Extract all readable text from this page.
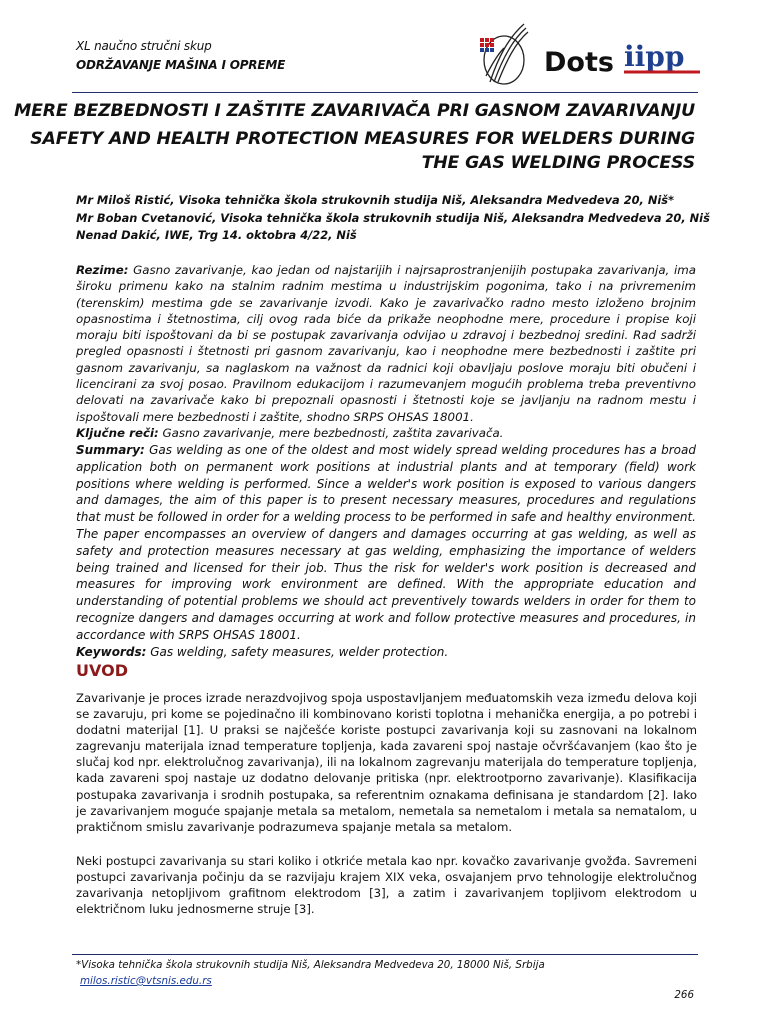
XL naučno stručni skup
ODRŽAVANJE MAŠINA I OPREME	Dots iipp
MERE BEZBEDNOSTI I ZAŠTITE ZAVARIVAČA PRI GASNOM ZAVARIVANJU
SAFETY AND HEALTH PROTECTION MEASURES FOR WELDERS DURING
THE GAS WELDING PROCESS
Mr Miloš Ristić, Visoka tehnička škola strukovnih studija Niš, Aleksandra Medvedeva 20, Niš*
Mr Boban Cvetanović, Visoka tehnička škola strukovnih studija Niš, Aleksandra Medvedeva 20, Niš
Nenad Dakić, IWE, Trg 14. oktobra 4/22, Niš

Rezime: Gasno zavarivanje, kao jedan od najstarijih i najrsaprostranjenijih postupaka zavarivanja, ima široku primenu kako na stalnim radnim mestima u industrijskim pogonima, tako i na privremenim (terenskim) mestima gde se zavarivanje izvodi. Kako je zavarivačko radno mesto izloženo brojnim opasnostima i štetnostima, cilj ovog rada biće da prikaže neophodne mere, procedure i propise koji moraju biti ispoštovani da bi se postupak zavarivanja odvijao u zdravoj i bezbednoj sredini. Rad sadrži pregled opasnosti i štetnosti pri gasnom zavarivanju, kao i neophodne mere bezbednosti i zaštite pri gasnom zavarivanju, sa naglaskom na važnost da radnici koji obavljaju poslove moraju biti obučeni i licencirani za svoj posao. Pravilnom edukacijom i razumevanjem mogućih problema treba preventivno delovati na zavarivače kako bi prepoznali opasnosti i štetnosti koje se javljanju na radnom mestu i ispoštovali mere bezbednosti i zaštite, shodno SRPS OHSAS 18001.

Ključne reči: Gasno zavarivanje, mere bezbednosti, zaštita zavarivača.

Summary: Gas welding as one of the oldest and most widely spread welding procedures has a broad application both on permanent work positions at industrial plants and at temporary (field) work positions where welding is performed. Since a welder's work position is exposed to various dangers and damages, the aim of this paper is to present necessary measures, procedures and regulations that must be followed in order for a welding process to be performed in safe and healthy environment. The paper encompasses an overview of dangers and damages occurring at gas welding, as well as safety and protection measures necessary at gas welding, emphasizing the importance of welders being trained and licensed for their job. Thus the risk for welder's work position is decreased and measures for improving work environment are defined. With the appropriate education and understanding of potential problems we should act preventively towards welders in order for them to recognize dangers and damages occurring at work and follow protective measures and procedures, in accordance with SRPS OHSAS 18001.

Keywords: Gas welding, safety measures, welder protection.

UVOD

Zavarivanje je proces izrade nerazdvojivog spoja uspostavljanjem međuatomskih veza između delova koji se zavaruju, pri kome se pojedinačno ili kombinovano koristi toplotna i mehanička energija, a po potrebi i dodatni materijal [1]. U praksi se najčešće koriste postupci zavarivanja koji su zasnovani na lokalnom zagrevanju materijala iznad temperature topljenja, kada zavareni spoj nastaje očvršćavanjem (kao što je slučaj kod npr. elektrolučnog zavarivanja), ili na lokalnom zagrevanju materijala do temperature topljenja, kada zavareni spoj nastaje uz dodatno delovanje pritiska (npr. elektrootporno zavarivanje). Klasifikacija postupaka zavarivanja i srodnih postupaka, sa referentnim oznakama definisana je standardom [2]. Iako je zavarivanjem moguće spajanje metala sa metalom, nemetala sa nemetalom i metala sa nematalom, u praktičnom smislu zavarivanje podrazumeva spajanje metala sa metalom.

Neki postupci zavarivanja su stari koliko i otkriće metala kao npr. kovačko zavarivanje gvožđa. Savremeni postupci zavarivanja počinju da se razvijaju krajem XIX veka, osvajanjem prvo tehnologije elektrolučnog zavarivanja netopljivom grafitnom elektrodom [3], a zatim i zavarivanjem topljivom elektrodom u električnom luku jednosmerne struje [3].

*Visoka tehnička škola strukovnih studija Niš, Aleksandra Medvedeva 20, 18000 Niš, Srbija
milos.ristic@vtsnis.edu.rs
266
